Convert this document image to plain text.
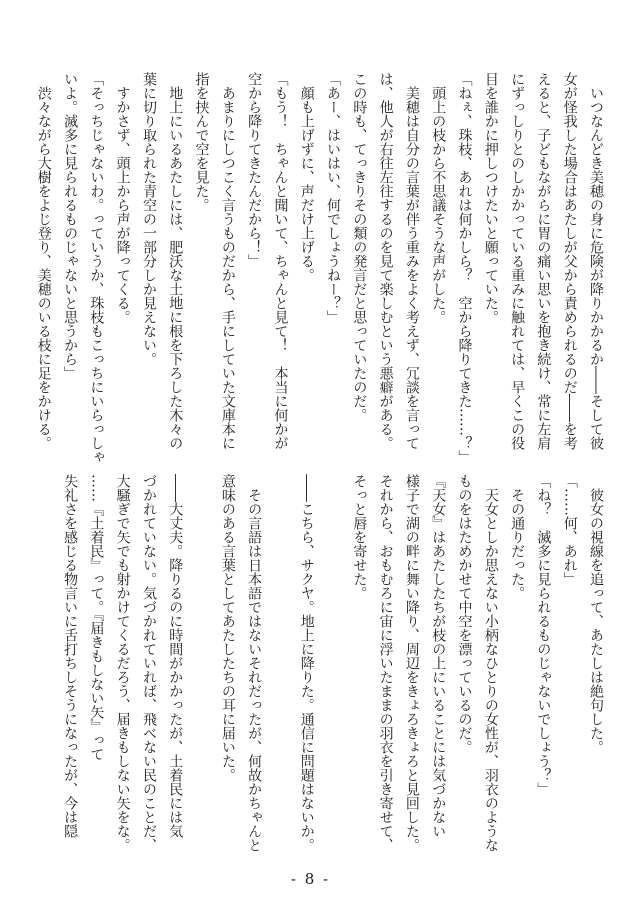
　いつなんどき美穂の身に危険が降りかかるか――そして彼
女が怪我した場合はあたしが父から責められるのだ――を考
えると、子どもながらに胃の痛い思いを抱き続け、常に左肩
にずっしりとのしかかっている重みに触れては、早くこの役
目を誰かに押しつけたいと願っていた。
「ねぇ、珠枝、あれは何かしら？　空から降りてきた……？」
　頭上の枝から不思議そうな声がした。
　美穂は自分の言葉が伴う重みをよく考えず、冗談を言って
は、他人が右往左往するのを見て楽しむという悪癖がある。
この時も、てっきりその類の発言だと思っていたのだ。
「あー、はいはい、何でしょうねー？」
　顔も上げずに、声だけ上げる。
「もう！　ちゃんと聞いて、ちゃんと見て！　本当に何かが
空から降りてきたんだから！」
　あまりにしつこく言うものだから、手にしていた文庫本に
指を挟んで空を見た。
　地上にいるあたしには、肥沃な土地に根を下ろした木々の
葉に切り取られた青空の一部分しか見えない。
　すかさず、頭上から声が降ってくる。
「そっちじゃないわ。っていうか、珠枝もこっちにいらっしゃ
いよ。滅多に見られるものじゃないと思うから」
　渋々ながら大樹をよじ登り、美穂のいる枝に足をかける。
　彼女の視線を追って、あたしは絶句した。
「……何、あれ」
「ね？　滅多に見られるものじゃないでしょう？」
　その通りだった。
　天女としか思えない小柄なひとりの女性が、羽衣のような
ものをはためかせて中空を漂っているのだ。
『天女』はあたしたちが枝の上にいることには気づかない
様子で湖の畔に舞い降り、周辺をきょろきょろと見回した。
それから、おもむろに宙に浮いたままの羽衣を引き寄せて、
そっと唇を寄せた。
――こちら、サクヤ。地上に降りた。通信に問題はないか。
　その言語は日本語ではないそれだったが、何故かちゃんと
意味のある言葉としてあたしたちの耳に届いた。
――大丈夫。降りるのに時間がかかったが、土着民には気
づかれていない。気づかれていれば、飛べない民のことだ、
大騒ぎで矢でも射かけてくるだろう、届きもしない矢をな。
……『土着民』って。『届きもしない矢』って
失礼さを感じる物言いに舌打ちしそうになったが、今は隠
- 8 -
